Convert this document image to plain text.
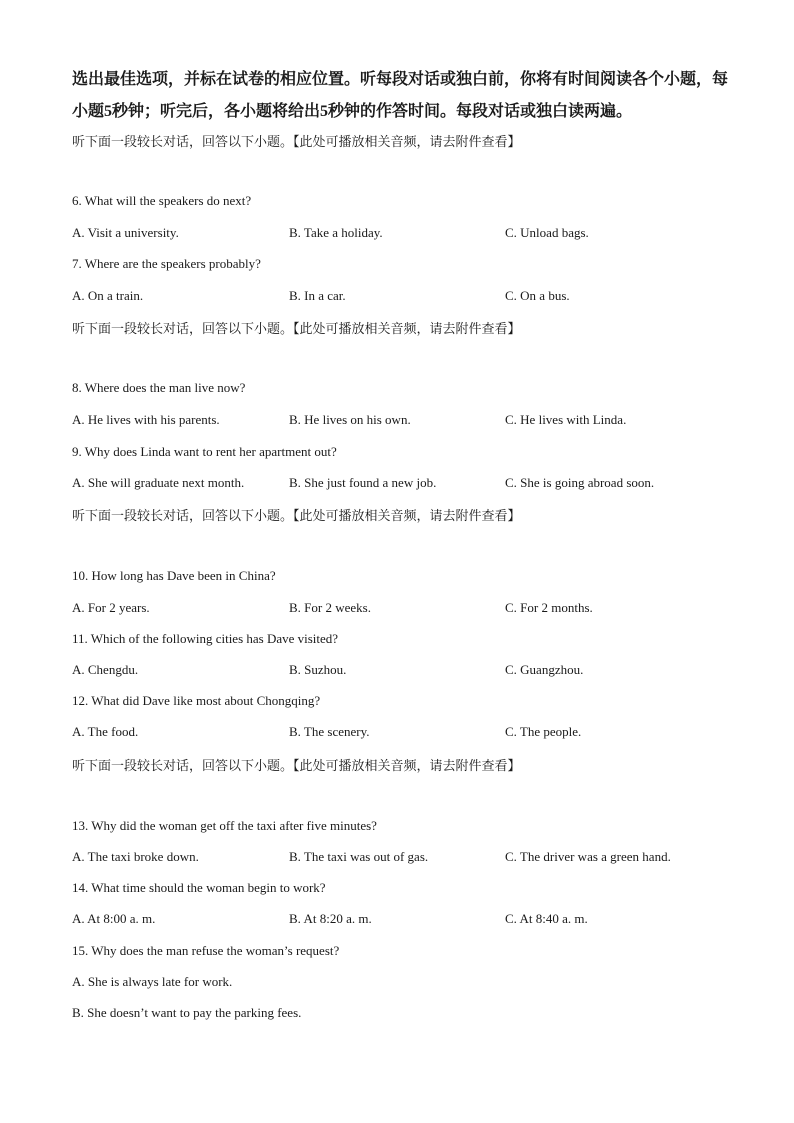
选出最佳选项，并标在试卷的相应位置。听每段对话或独白前，你将有时间阅读各个小题，每小题5秒钟；听完后，各小题将给出5秒钟的作答时间。每段对话或独白读两遍。

听下面一段较长对话，回答以下小题。【此处可播放相关音频，请去附件查看】
6. What will the speakers do next?
A. Visit a university.	B. Take a holiday.	C. Unload bags.
7. Where are the speakers probably?
A. On a train.	B. In a car.	C. On a bus.
听下面一段较长对话，回答以下小题。【此处可播放相关音频，请去附件查看】
8. Where does the man live now?
A. He lives with his parents.	B. He lives on his own.	C. He lives with Linda.
9. Why does Linda want to rent her apartment out?
A. She will graduate next month.	B. She just found a new job.	C. She is going abroad soon.
听下面一段较长对话，回答以下小题。【此处可播放相关音频，请去附件查看】
10. How long has Dave been in China?
A. For 2 years.	B. For 2 weeks.	C. For 2 months.
11. Which of the following cities has Dave visited?
A. Chengdu.	B. Suzhou.	C. Guangzhou.
12. What did Dave like most about Chongqing?
A. The food.	B. The scenery.	C. The people.
听下面一段较长对话，回答以下小题。【此处可播放相关音频，请去附件查看】
13. Why did the woman get off the taxi after five minutes?
A. The taxi broke down.	B. The taxi was out of gas.	C. The driver was a green hand.
14. What time should the woman begin to work?
A. At 8:00 a. m.	B. At 8:20 a. m.	C. At 8:40 a. m.
15. Why does the man refuse the woman’s request?
A. She is always late for work.
B. She doesn’t want to pay the parking fees.
